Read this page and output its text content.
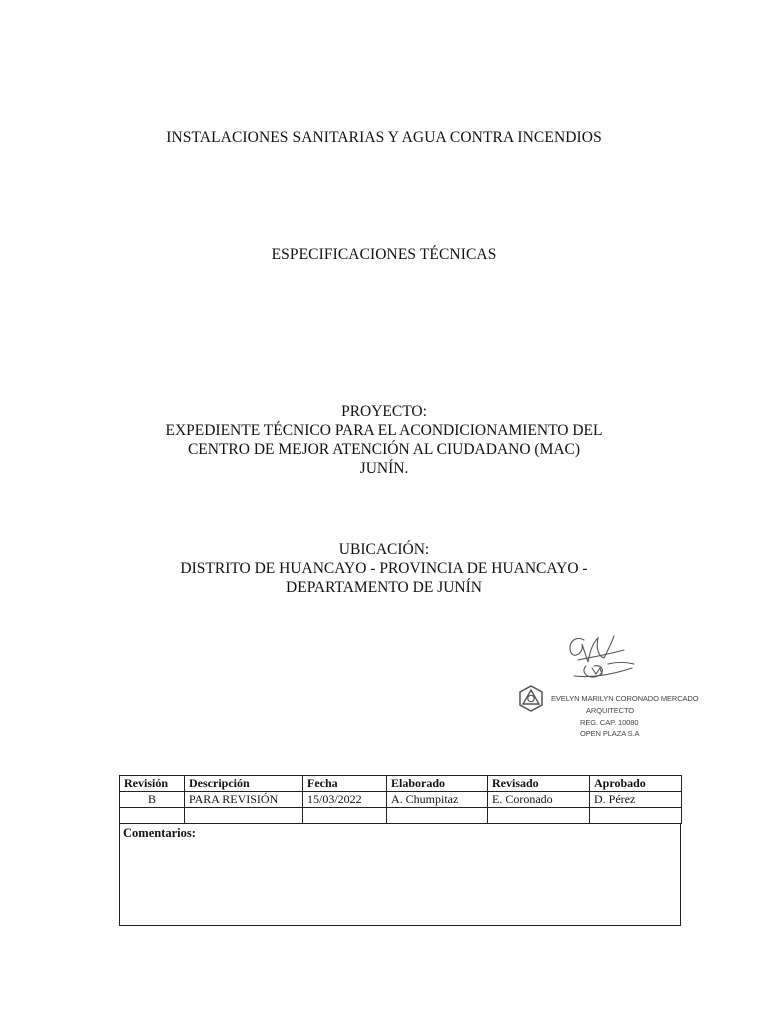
INSTALACIONES SANITARIAS Y AGUA CONTRA INCENDIOS
ESPECIFICACIONES TÉCNICAS
PROYECTO:
EXPEDIENTE TÉCNICO PARA EL ACONDICIONAMIENTO DEL
CENTRO DE MEJOR ATENCIÓN AL CIUDADANO (MAC)
JUNÍN.
UBICACIÓN:
DISTRITO DE HUANCAYO - PROVINCIA DE HUANCAYO -
DEPARTAMENTO DE JUNÍN
EVELYN MARILYN CORONADO MERCADO
ARQUITECTO
REG. CAP. 10080
OPEN PLAZA S.A
Revisión	Descripción	Fecha	Elaborado	Revisado	Aprobado
B	PARA REVISIÓN	15/03/2022	A. Chumpitaz	E. Coronado	D. Pérez

Comentarios:
